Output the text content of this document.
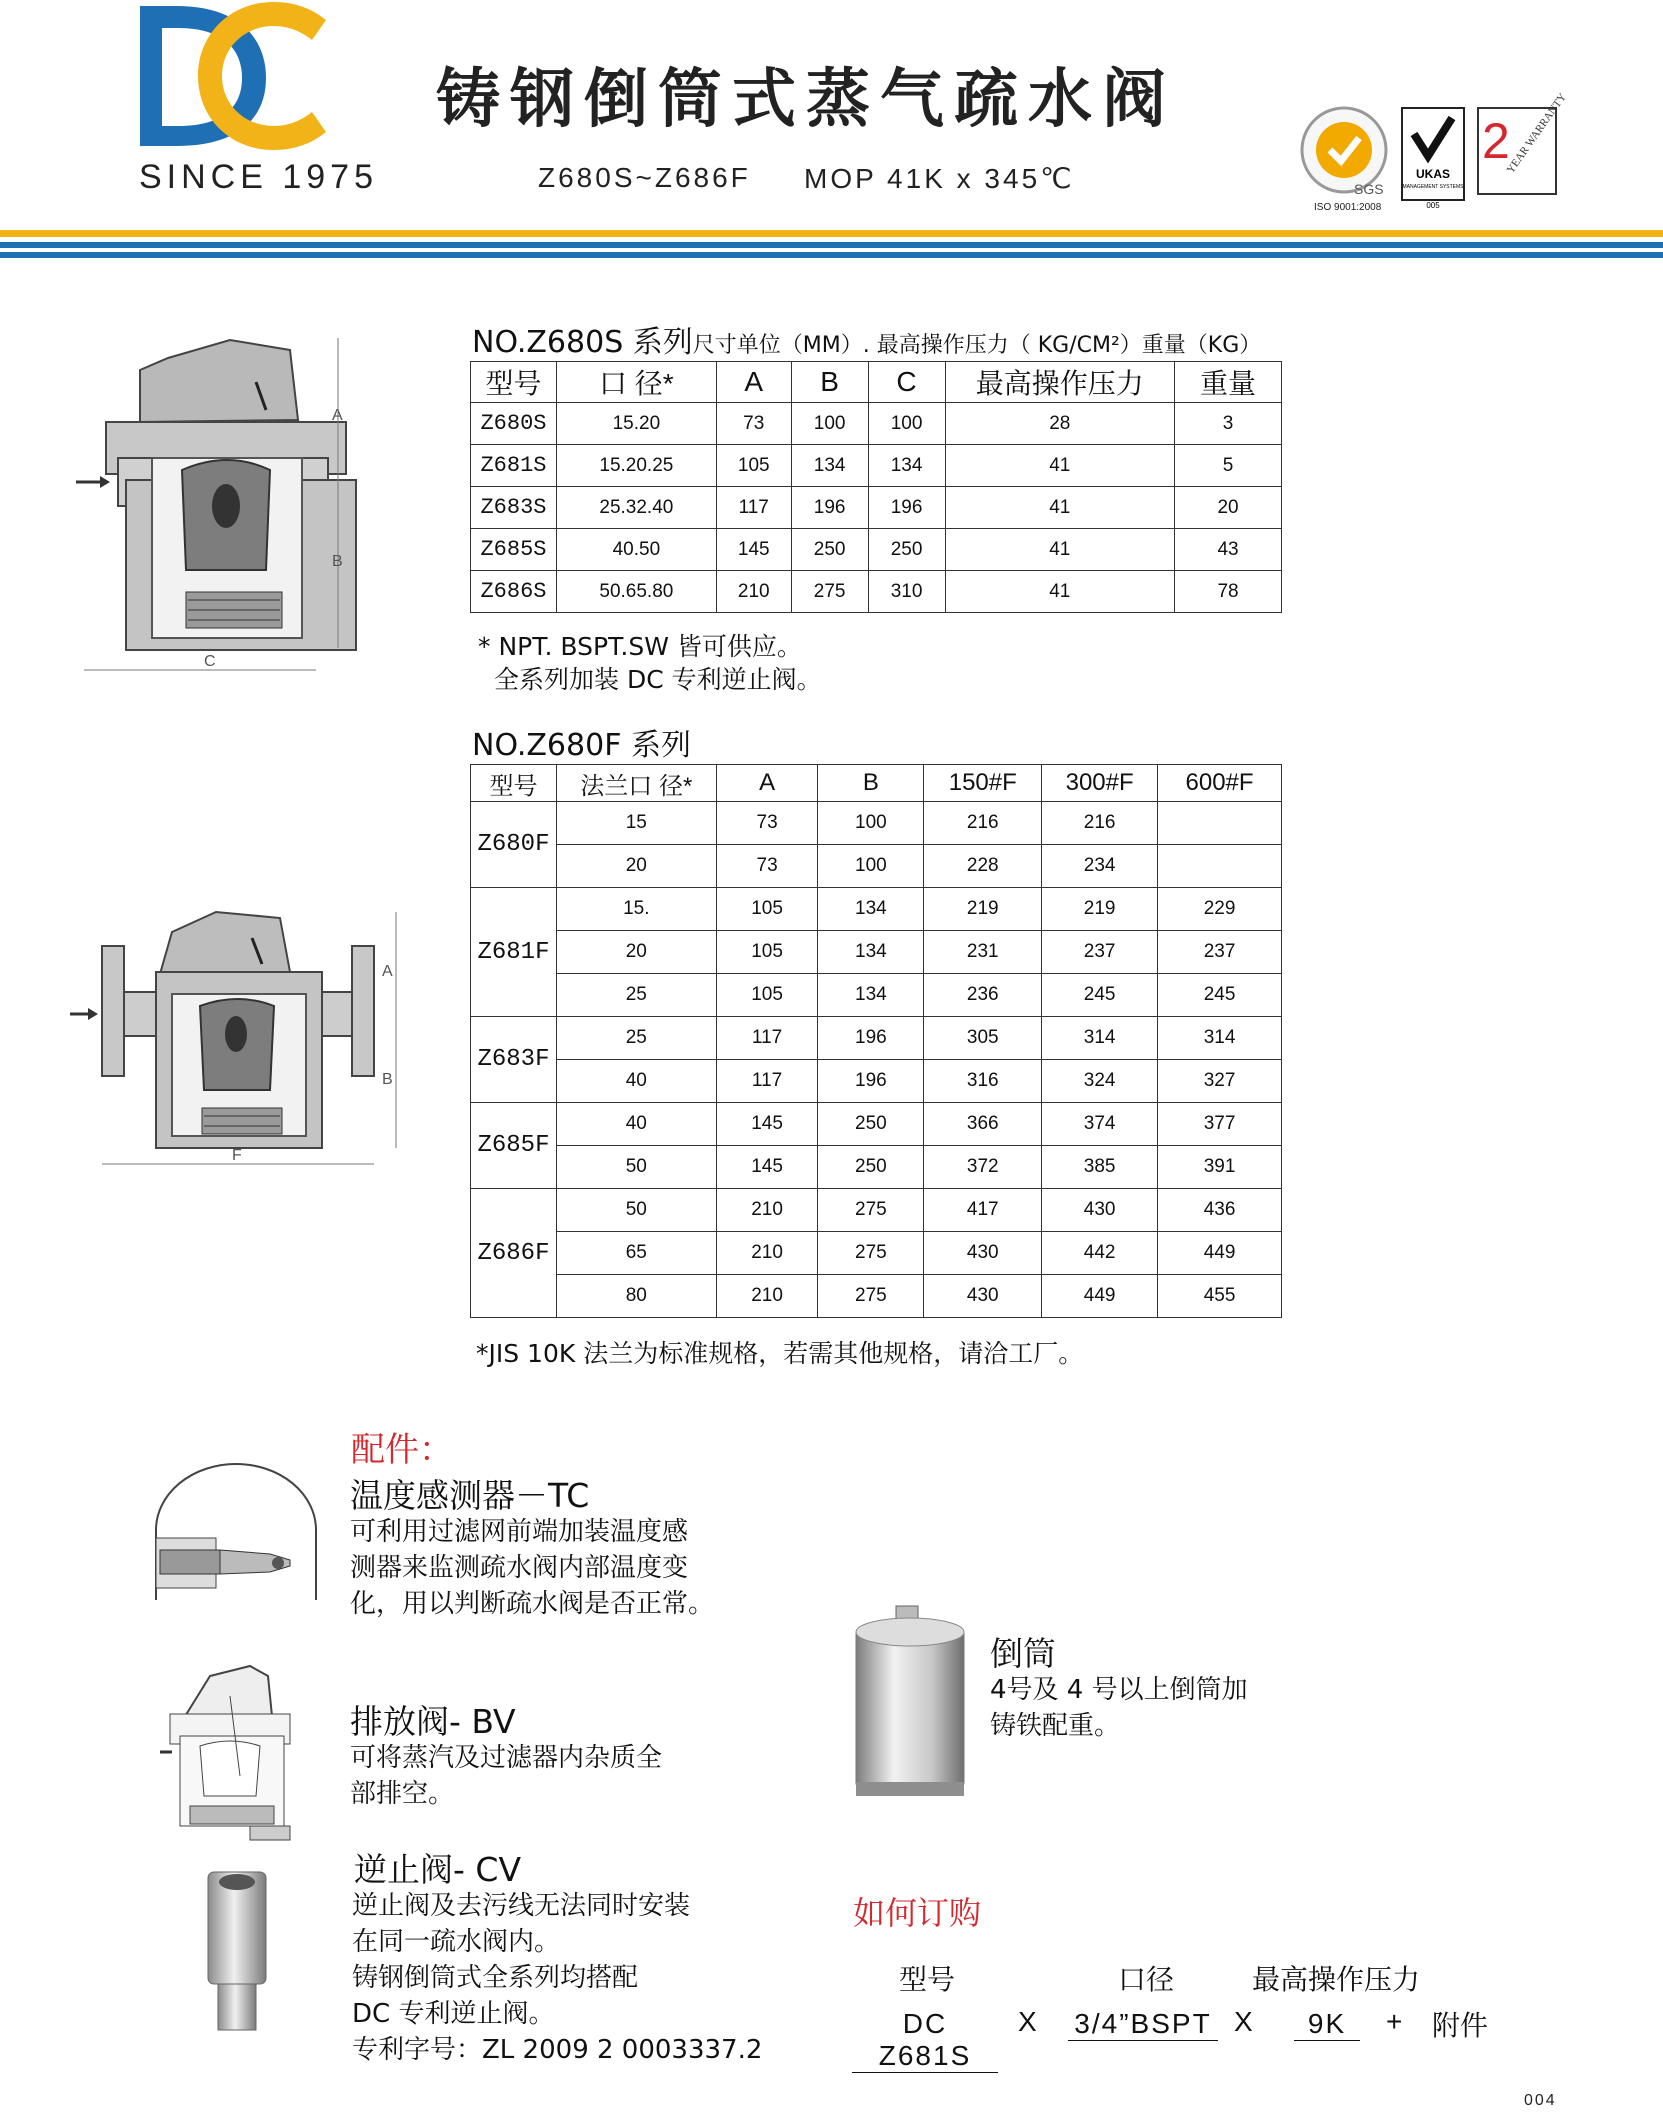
SINCE 1975
铸钢倒筒式蒸气疏水阀
Z680S~Z686F MOP 41K x 345℃	SGS
ISO 9001:2008
UKAS
MANAGEMENT SYSTEMS
005
2
YEAR WARRANTY
A
B
C
NO.Z680S 系列尺寸单位（MM）. 最高操作压力（ KG/CM²）重量（KG）
型号	口 径*	A	B	C	最高操作压力	重量
Z680S	15.20	73	100	100	28	3
Z681S	15.20.25	105	134	134	41	5
Z683S	25.32.40	117	196	196	41	20
Z685S	40.50	145	250	250	41	43
Z686S	50.65.80	210	275	310	41	78
* NPT. BSPT.SW 皆可供应。
全系列加装 DC 专利逆止阀。
NO.Z680F 系列
型号	法兰口 径*	A	B	150#F	300#F	600#F
Z680F	15	73	100	216	216	
	20	73	100	228	234	
Z681F	15.	105	134	219	219	229
	20	105	134	231	237	237
	25	105	134	236	245	245
Z683F	25	117	196	305	314	314
	40	117	196	316	324	327
Z685F	40	145	250	366	374	377
	50	145	250	372	385	391
Z686F	50	210	275	417	430	436
	65	210	275	430	442	449
	80	210	275	430	449	455
*JIS 10K 法兰为标准规格，若需其他规格，请洽工厂。
A
B
F
配件：
温度感测器－TC
可利用过滤网前端加装温度感
测器来监测疏水阀内部温度变
化，用以判断疏水阀是否正常。
排放阀- BV
可将蒸汽及过滤器内杂质全
部排空。
逆止阀- CV
逆止阀及去污线无法同时安装
在同一疏水阀内。
铸钢倒筒式全系列均搭配
DC 专利逆止阀。
专利字号：ZL 2009 2 0003337.2
倒筒
4号及 4 号以上倒筒加
铸铁配重。
如何订购
型号	口径	最高操作压力
DC Z681S
X 3/4”BSPT X	9K	+ 附件
004
